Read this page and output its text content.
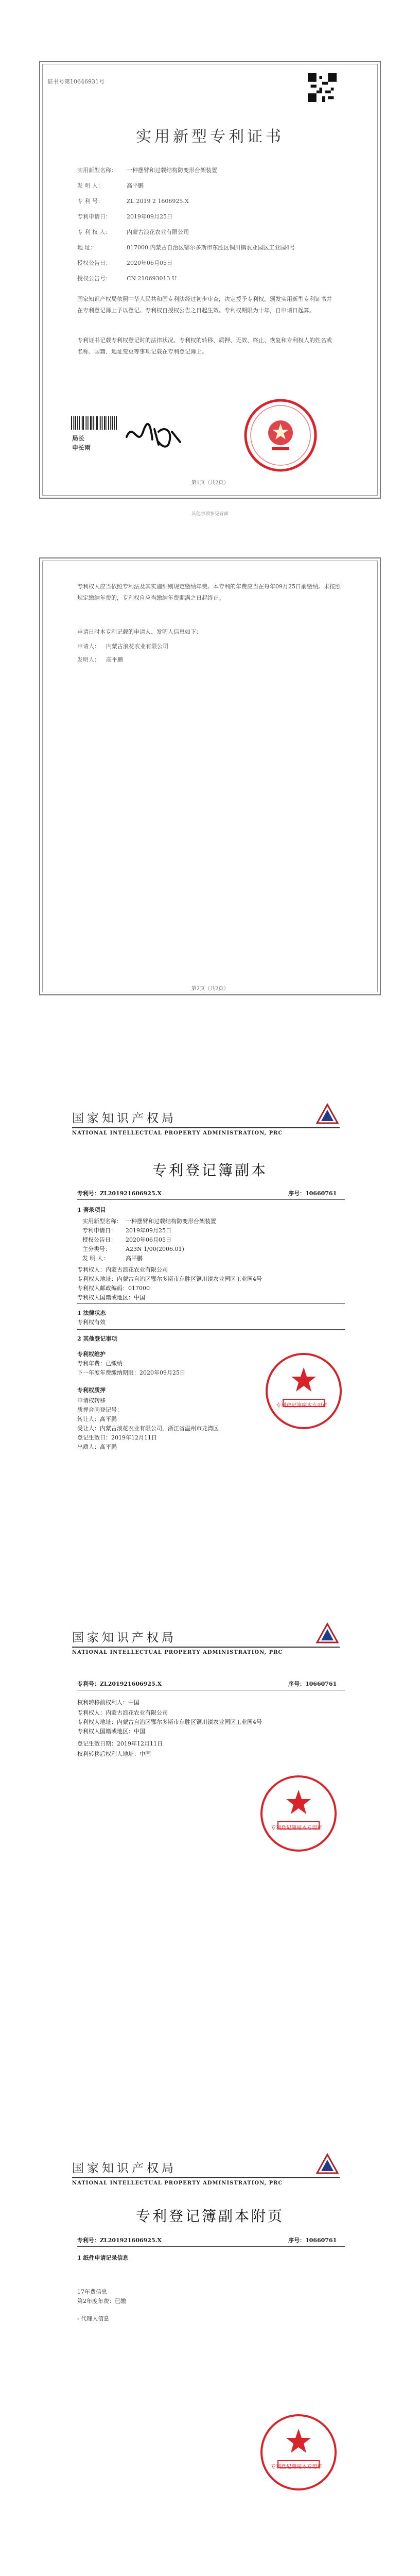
证书号第10646931号
实用新型专利证书
实用新型名称： 一种摆臂和过载结构防变形台架装置
发 明 人：	高平鹏
专 利 号：	ZL 2019 2 1606925.X
专利申请日：	2019年09月25日
专 利 权 人：	内蒙古浪花农业有限公司
地 址：	017000 内蒙古自治区鄂尔多斯市东胜区铜川镇农业园区工业园4号
授权公告日：	2020年06月05日
授权公告号：	CN 210693013 U
国家知识产权局依照中华人民共和国专利法经过初步审查，决定授予专利权，颁发实用新型专利证书并在专利登记簿上予以登记。专利权自授权公告之日起生效。专利权期限为十年，自申请日起算。
专利证书记载专利权登记时的法律状况。专利权的转移、质押、无效、终止、恢复和专利权人的姓名或名称、国籍、地址变更等事项记载在专利登记簿上。
局长
申长雨
第1页（共2页）
其他事项参见背面
专利权人应当依照专利法及其实施细则规定缴纳年费。本专利的年费应当在每年09月25日前缴纳。未按照规定缴纳年费的，专利权自应当缴纳年费期满之日起终止。
申请日时本专利记载的申请人、发明人信息如下：
申请人： 内蒙古浪花农业有限公司
发明人： 高平鹏
第2页（共2页）
国家知识产权局
NATIONAL INTELLECTUAL PROPERTY ADMINISTRATION, PRC
专利登记簿副本
专利号：ZL201921606925.X	序号：10660761
1 著录项目
实用新型名称： 一种摆臂和过载结构防变形台架装置
专利申请日： 2019年09月25日
授权公告日： 2020年06月05日
主分类号：	A23N 1/00(2006.01)
发 明 人：	高平鹏
专利权人：内蒙古浪花农业有限公司
专利权人地址：内蒙古自治区鄂尔多斯市东胜区铜川镇农业园区工业园4号
专利权人邮政编码：017000
专利权人国籍或地区：中国
1 法律状态
专利权有效
2 其他登记事项
专利权维护
专利年费：已缴纳
下一年度年费缴纳期限：2020年09月25日
专利权质押
申请权转移
质押合同登记号：
转让人：高平鹏
受让人：内蒙古浪花农业有限公司，浙江省温州市龙湾区
登记生效日：2019年12月11日
出质人：高平鹏
专利登记簿副本专用章
国家知识产权局
NATIONAL INTELLECTUAL PROPERTY ADMINISTRATION, PRC
专利号：ZL201921606925.X	序号：10660761
权利转移前权利人：中国
专利权人：内蒙古浪花农业有限公司
专利权人地址：内蒙古自治区鄂尔多斯市东胜区铜川镇农业园区工业园4号
专利权人国籍或地区：中国
登记生效日期：2019年12月11日
权利转移后权利人地址：中国
专利登记簿副本专用章
国家知识产权局
NATIONAL INTELLECTUAL PROPERTY ADMINISTRATION, PRC
专利登记簿副本附页
专利号：ZL201921606925.X	序号：10660761
1 纸件申请记录信息
17年费信息
第2年度年费：已缴
- 代理人信息
专利登记簿副本专用章
